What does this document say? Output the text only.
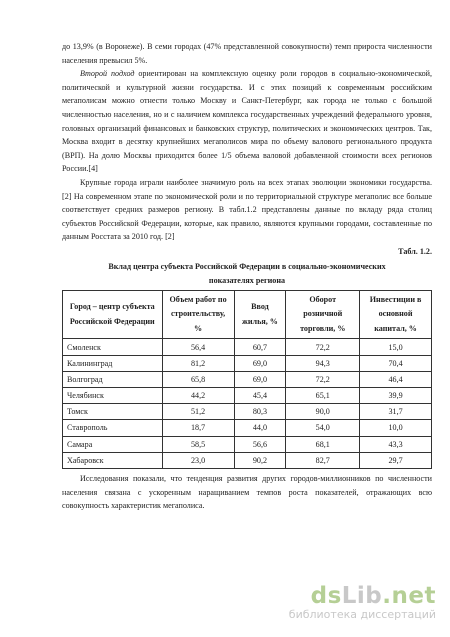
до 13,9% (в Воронеже). В семи городах (47% представленной совокупности) темп прироста численности населения превысил 5%.

Второй подход ориентирован на комплексную оценку роли городов в социально-экономической, политической и культурной жизни государства. И с этих позиций к современным российским мегаполисам можно отнести только Москву и Санкт-Петербург, как города не только с большой численностью населения, но и с наличием комплекса государственных учреждений федерального уровня, головных организаций финансовых и банковских структур, политических и экономических центров. Так, Москва входит в десятку крупнейших мегаполисов мира по объему валового регионального продукта (ВРП). На долю Москвы приходится более 1/5 объема валовой добавленной стоимости всех регионов России.[4]

Крупные города играли наиболее значимую роль на всех этапах эволюции экономики государства. [2] На современном этапе по экономической роли и по территориальной структуре мегаполис все больше соответствует средних размеров региону. В табл.1.2 представлены данные по вкладу ряда столиц субъектов Российской Федерации, которые, как правило, являются крупными городами, составленные по данным Росстата за 2010 год. [2]

Табл. 1.2.
Вклад центра субъекта Российской Федерации в социально-экономических
показателях региона
Город – центр субъекта Российской Федерации	Объем работ по строительству, %	Ввод жилья, %	Оборот розничной торговли, %	Инвестиции в основной капитал, %
Смоленск	56,4	60,7	72,2	15,0
Калининград	81,2	69,0	94,3	70,4
Волгоград	65,8	69,0	72,2	46,4
Челябинск	44,2	45,4	65,1	39,9
Томск	51,2	80,3	90,0	31,7
Ставрополь	18,7	44,0	54,0	10,0
Самара	58,5	56,6	68,1	43,3
Хабаровск	23,0	90,2	82,7	29,7

Исследования показали, что тенденция развития других городов-миллионников по численности населения связана с ускоренным наращиванием темпов роста показателей, отражающих всю совокупность характеристик мегаполиса.

dsLib.net
библиотека диссертаций
